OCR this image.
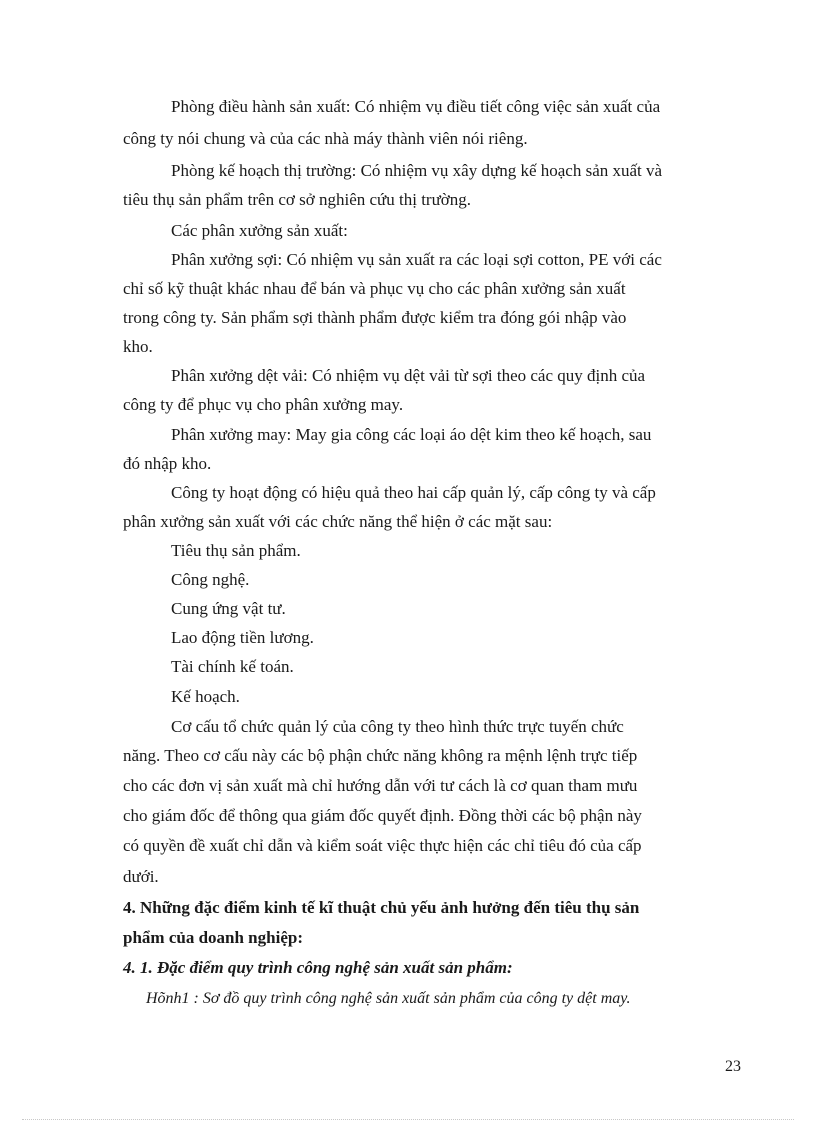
Phòng điều hành sản xuất: Có nhiệm vụ điều tiết công việc sản xuất của
công ty nói chung và của các nhà máy thành viên nói riêng.
Phòng kế hoạch thị trường: Có nhiệm vụ xây dựng kế hoạch sản xuất và
tiêu thụ sản phẩm trên cơ sở nghiên cứu thị trường.
Các phân xưởng sản xuất:
Phân xưởng sợi: Có nhiệm vụ sản xuất ra các loại sợi cotton, PE với các
chỉ số kỹ thuật khác nhau để bán và phục vụ cho các phân xưởng sản xuất
trong công ty. Sản phẩm sợi thành phẩm được kiểm tra đóng gói nhập vào
kho.
Phân xưởng dệt vải: Có nhiệm vụ dệt vải từ sợi theo các quy định của
công ty để phục vụ cho phân xưởng may.
Phân xưởng may: May gia công các loại áo dệt kim theo kế hoạch, sau
đó nhập kho.
Công ty hoạt động có hiệu quả theo hai cấp quản lý, cấp công ty và cấp
phân xưởng sản xuất với các chức năng thể hiện ở các mặt sau:
Tiêu thụ sản phẩm.
Công nghệ.
Cung ứng vật tư.
Lao động tiền lương.
Tài chính kế toán.
Kế hoạch.
Cơ cấu tổ chức quản lý của công ty theo hình thức trực tuyến chức
năng. Theo cơ cấu này các bộ phận chức năng không ra mệnh lệnh trực tiếp
cho các đơn vị sản xuất mà chỉ hướng dẫn với tư cách là cơ quan tham mưu
cho giám đốc để thông qua giám đốc quyết định. Đồng thời các bộ phận này
có quyền đề xuất chỉ dẫn và kiểm soát việc thực hiện các chỉ tiêu đó của cấp
dưới.
4. Những đặc điểm kinh tế kĩ thuật chủ yếu ảnh hưởng đến tiêu thụ sản
phẩm của doanh nghiệp:
4. 1. Đặc điểm quy trình công nghệ sản xuất sản phẩm:
Hõnh1 : Sơ đồ quy trình công nghệ sản xuất sản phẩm của công ty dệt may.
23
